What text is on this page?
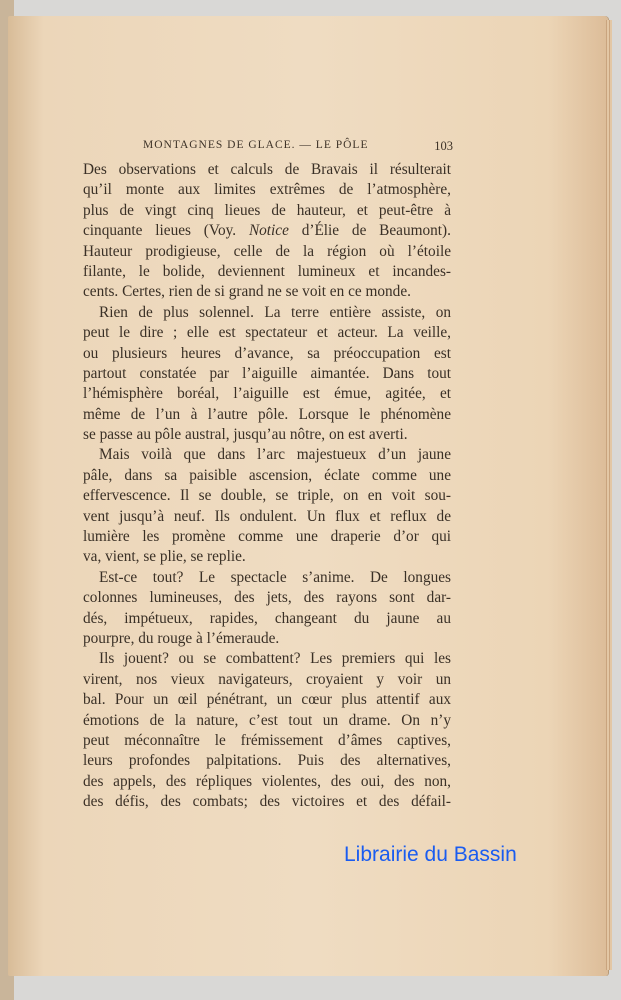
MONTAGNES DE GLACE. — LE PÔLE	103
Des observations et calculs de Bravais il résulterait
qu’il monte aux limites extrêmes de l’atmosphère,
plus de vingt cinq lieues de hauteur, et peut-être à
cinquante lieues (Voy. Notice d’Élie de Beaumont).
Hauteur prodigieuse, celle de la région où l’étoile
filante, le bolide, deviennent lumineux et incandes-
cents. Certes, rien de si grand ne se voit en ce monde.
Rien de plus solennel. La terre entière assiste, on
peut le dire ; elle est spectateur et acteur. La veille,
ou plusieurs heures d’avance, sa préoccupation est
partout constatée par l’aiguille aimantée. Dans tout
l’hémisphère boréal, l’aiguille est émue, agitée, et
même de l’un à l’autre pôle. Lorsque le phénomène
se passe au pôle austral, jusqu’au nôtre, on est averti.
Mais voilà que dans l’arc majestueux d’un jaune
pâle, dans sa paisible ascension, éclate comme une
effervescence. Il se double, se triple, on en voit sou-
vent jusqu’à neuf. Ils ondulent. Un flux et reflux de
lumière les promène comme une draperie d’or qui
va, vient, se plie, se replie.
Est-ce tout? Le spectacle s’anime. De longues
colonnes lumineuses, des jets, des rayons sont dar-
dés, impétueux, rapides, changeant du jaune au
pourpre, du rouge à l’émeraude.
Ils jouent? ou se combattent? Les premiers qui les
virent, nos vieux navigateurs, croyaient y voir un
bal. Pour un œil pénétrant, un cœur plus attentif aux
émotions de la nature, c’est tout un drame. On n’y
peut méconnaître le frémissement d’âmes captives,
leurs profondes palpitations. Puis des alternatives,
des appels, des répliques violentes, des oui, des non,
des défis, des combats; des victoires et des défail-
Librairie du Bassin
